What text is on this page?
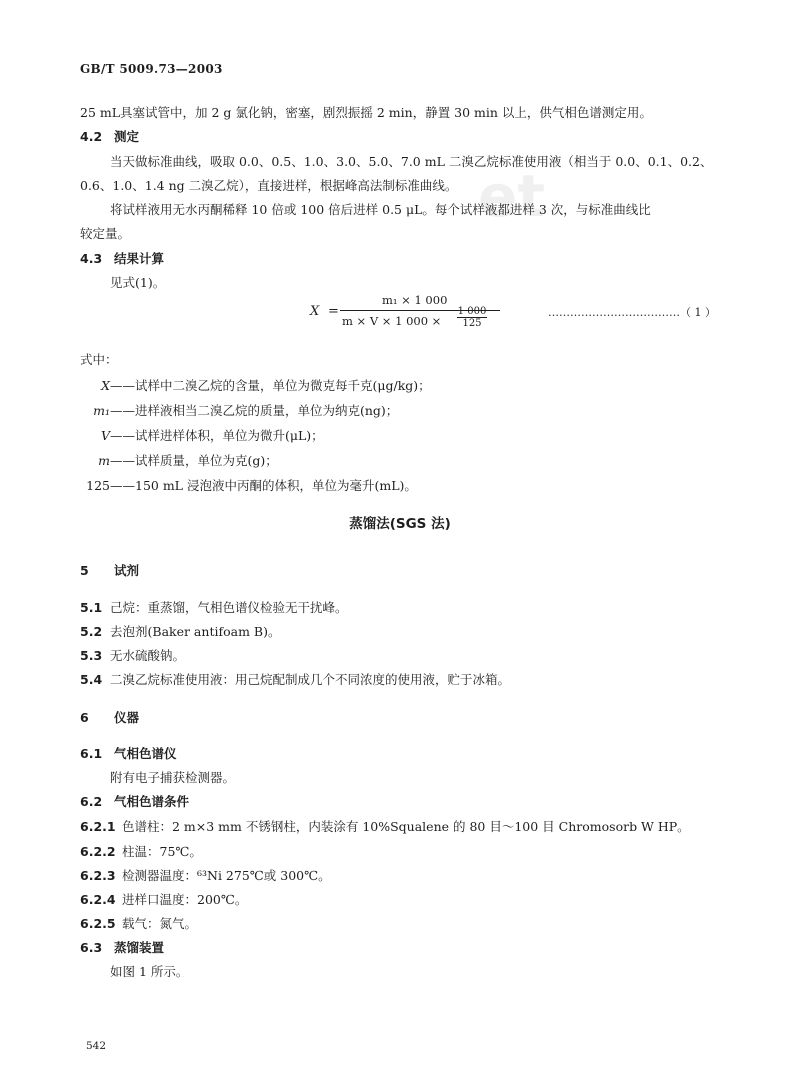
et
GB/T 5009.73—2003
25 mL具塞试管中，加 2 g 氯化钠，密塞，剧烈振摇 2 min，静置 30 min 以上，供气相色谱测定用。
4.2 测定
当天做标准曲线，吸取 0.0、0.5、1.0、3.0、5.0、7.0 mL 二溴乙烷标准使用液（相当于 0.0、0.1、0.2、
0.6、1.0、1.4 ng 二溴乙烷），直接进样，根据峰高法制标准曲线。
将试样液用无水丙酮稀释 10 倍或 100 倍后进样 0.5 μL。每个试样液都进样 3 次，与标准曲线比
较定量。
4.3 结果计算
见式(1)。
X =
m₁ × 1 000
m × V × 1 $000 \times \frac{1 000}{125}$	………………………………（ 1 ）
式中：
X——试样中二溴乙烷的含量，单位为微克每千克(μg/kg)；
m₁——进样液相当二溴乙烷的质量，单位为纳克(ng)；
V——试样进样体积，单位为微升(μL)；
m——试样质量，单位为克(g)；
125——150 mL 浸泡液中丙酮的体积，单位为毫升(mL)。
蒸馏法(SGS 法)
5 试剂
5.1 己烷：重蒸馏，气相色谱仪检验无干扰峰。
5.2 去泡剂(Baker antifoam B)。
5.3 无水硫酸钠。
5.4 二溴乙烷标准使用液：用己烷配制成几个不同浓度的使用液，贮于冰箱。
6 仪器
6.1 气相色谱仪
附有电子捕获检测器。
6.2 气相色谱条件
6.2.1 色谱柱：2 m×3 mm 不锈钢柱，内装涂有 10%Squalene 的 80 目～100 目 Chromosorb W HP。
6.2.2 柱温：75℃。
6.2.3 检测器温度：⁶³Ni 275℃或 300℃。
6.2.4 进样口温度：200℃。
6.2.5 载气：氮气。
6.3 蒸馏装置
如图 1 所示。
542
